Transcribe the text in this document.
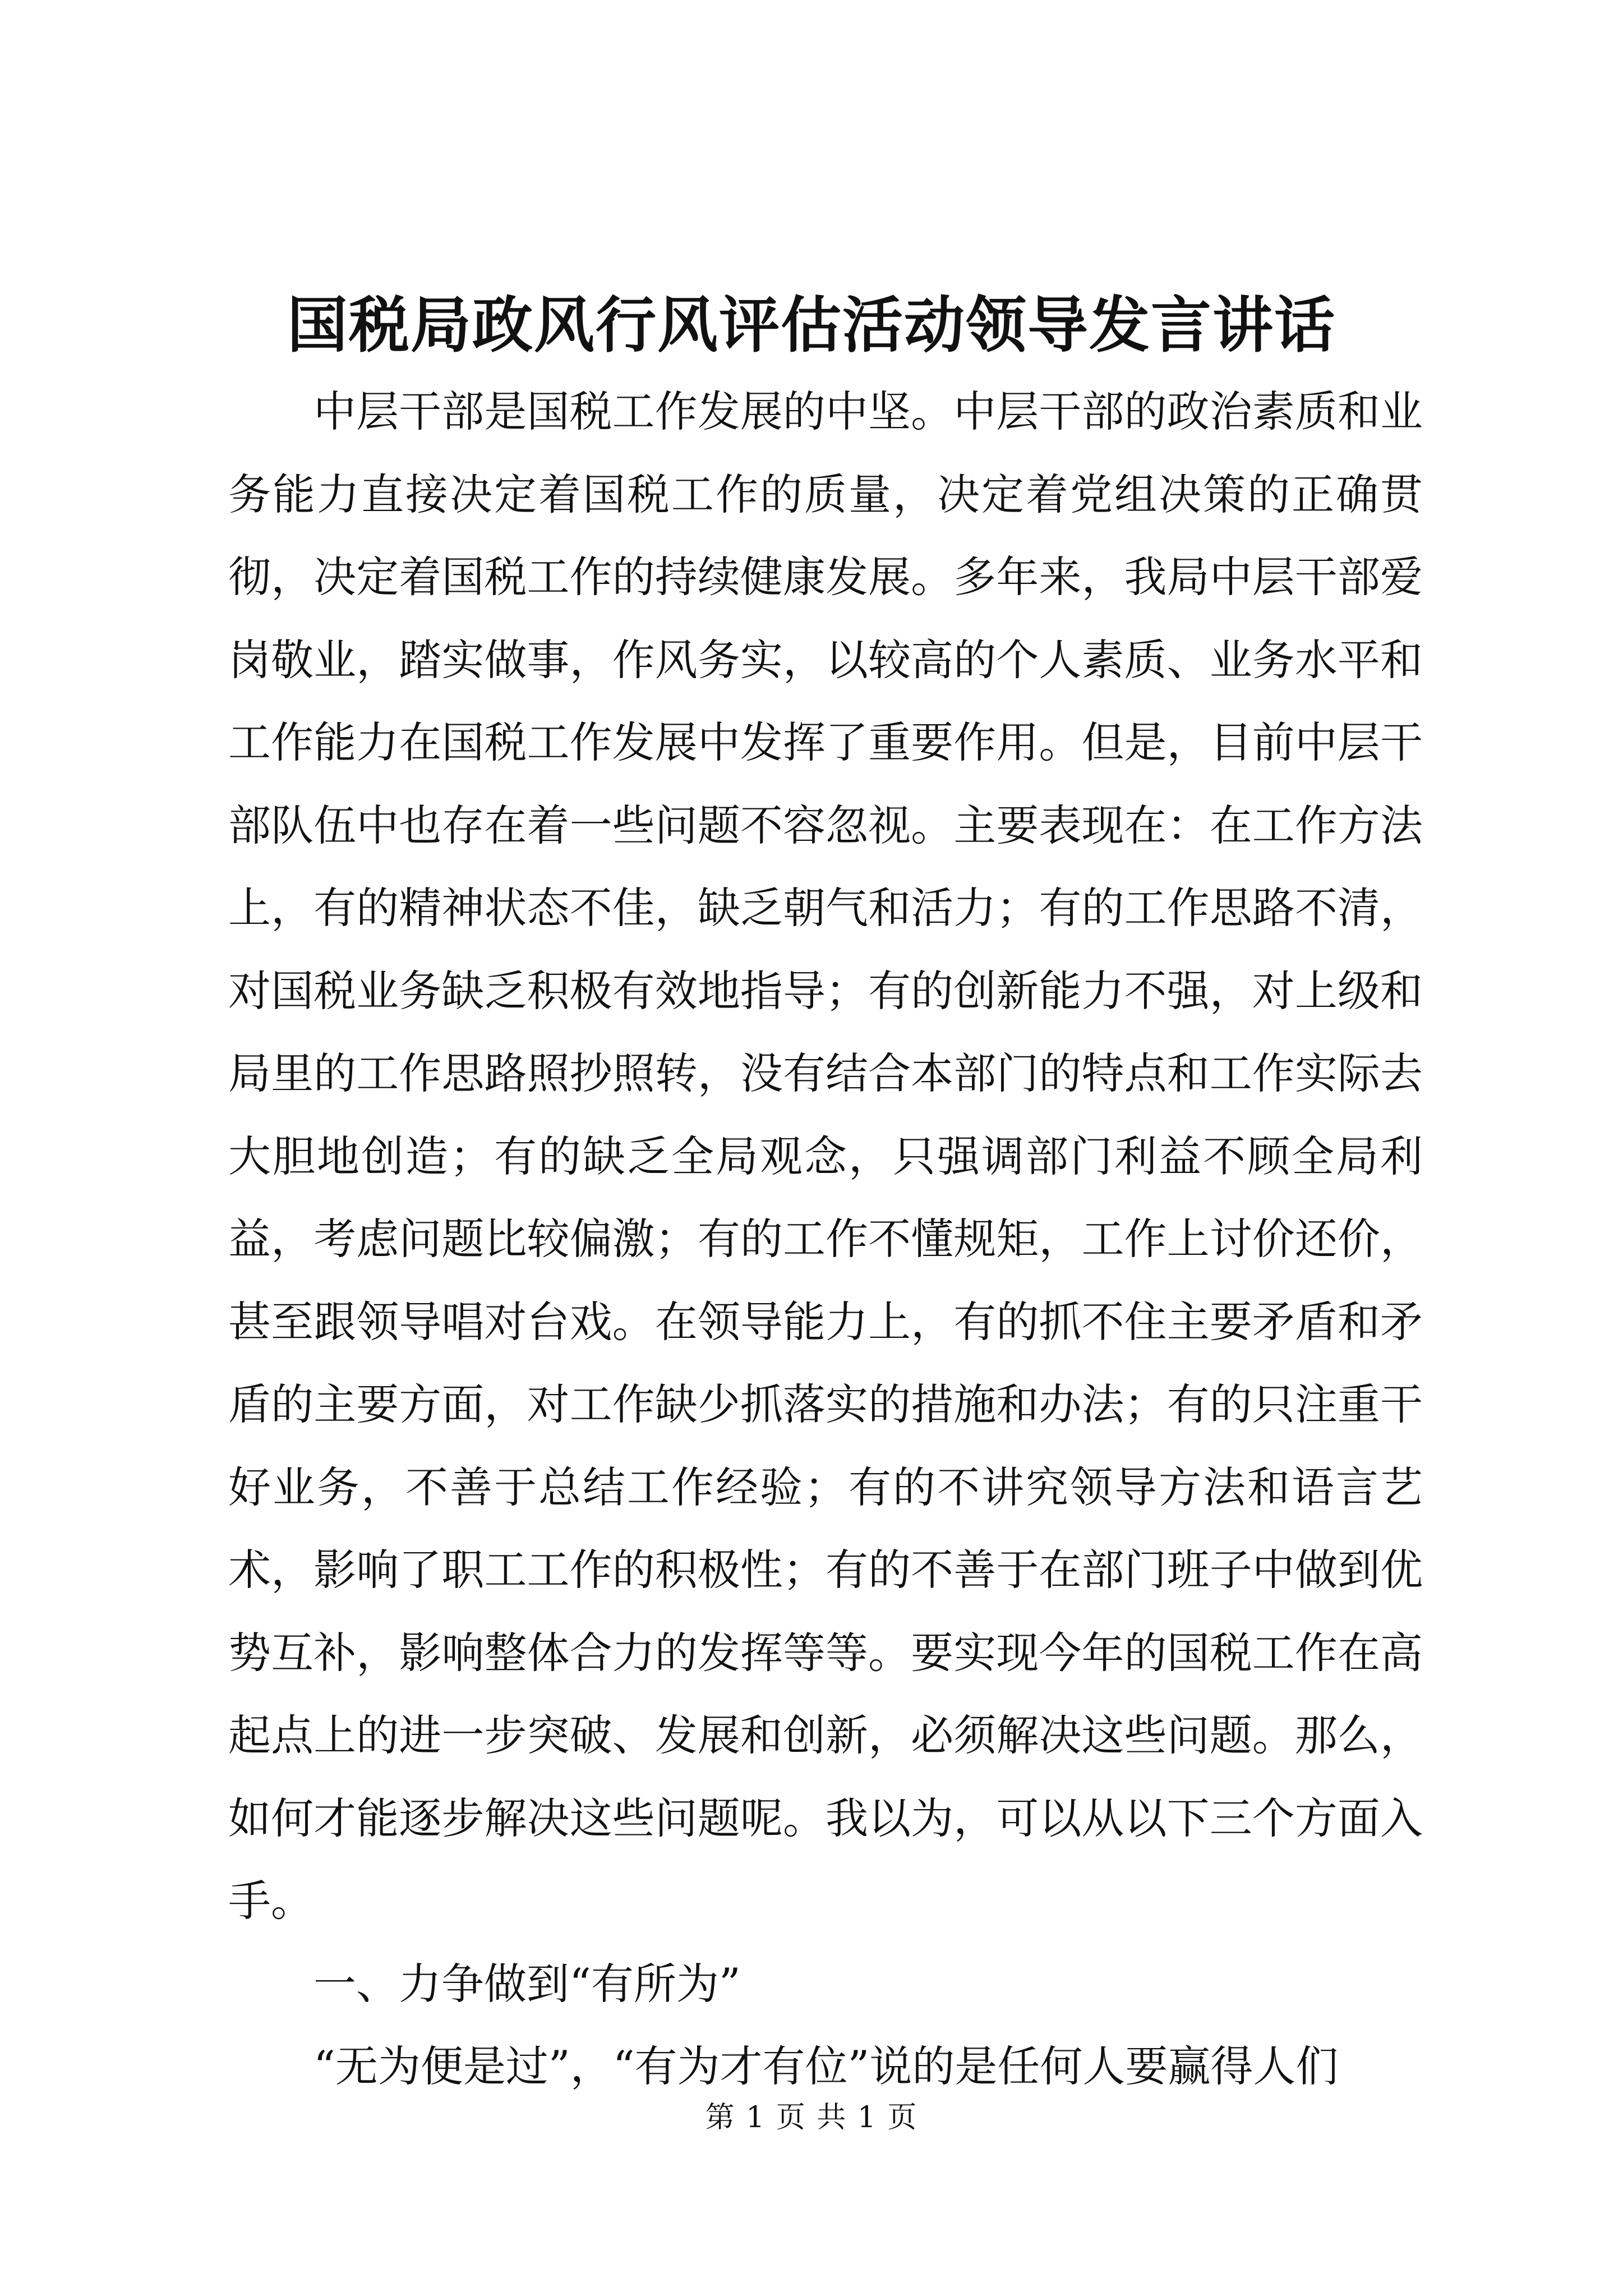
国税局政风行风评估活动领导发言讲话

中层干部是国税工作发展的中坚。中层干部的政治素质和业务能力直接决定着国税工作的质量，决定着党组决策的正确贯彻，决定着国税工作的持续健康发展。多年来，我局中层干部爱岗敬业，踏实做事，作风务实，以较高的个人素质、业务水平和工作能力在国税工作发展中发挥了重要作用。但是，目前中层干部队伍中也存在着一些问题不容忽视。主要表现在：在工作方法上，有的精神状态不佳，缺乏朝气和活力；有的工作思路不清，对国税业务缺乏积极有效地指导；有的创新能力不强，对上级和局里的工作思路照抄照转，没有结合本部门的特点和工作实际去大胆地创造；有的缺乏全局观念，只强调部门利益不顾全局利益，考虑问题比较偏激；有的工作不懂规矩，工作上讨价还价，甚至跟领导唱对台戏。在领导能力上，有的抓不住主要矛盾和矛盾的主要方面，对工作缺少抓落实的措施和办法；有的只注重干好业务，不善于总结工作经验；有的不讲究领导方法和语言艺术，影响了职工工作的积极性；有的不善于在部门班子中做到优势互补，影响整体合力的发挥等等。要实现今年的国税工作在高起点上的进一步突破、发展和创新，必须解决这些问题。那么，如何才能逐步解决这些问题呢。我以为，可以从以下三个方面入手。

一、力争做到“有所为”

“无为便是过”，“有为才有位”说的是任何人要赢得人们

第 1 页 共 1 页
